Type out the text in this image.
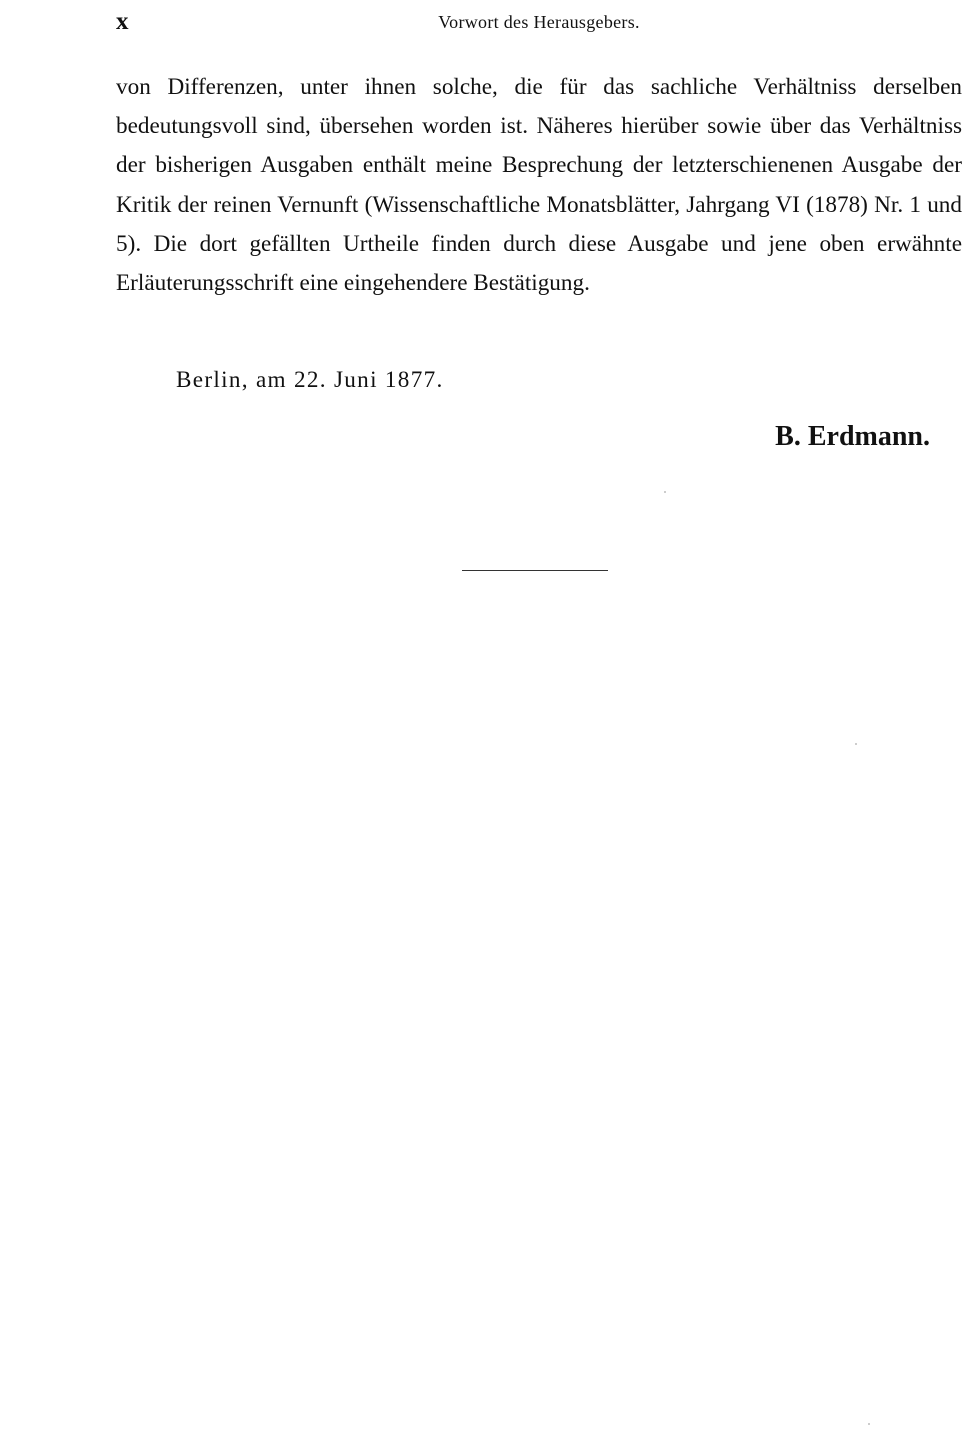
x	Vorwort des Herausgebers.

von Differenzen, unter ihnen solche, die für das sachliche Verhältniss derselben bedeutungsvoll sind, übersehen worden ist. Näheres hierüber sowie über das Verhältniss der bisherigen Ausgaben enthält meine Besprechung der letzterschienenen Ausgabe der Kritik der reinen Vernunft (Wissenschaftliche Monatsblätter, Jahrgang VI (1878) Nr. 1 und 5). Die dort gefällten Urtheile finden durch diese Ausgabe und jene oben erwähnte Erläuterungsschrift eine eingehendere Bestätigung.

Berlin, am 22. Juni 1877.
B. Erdmann.
